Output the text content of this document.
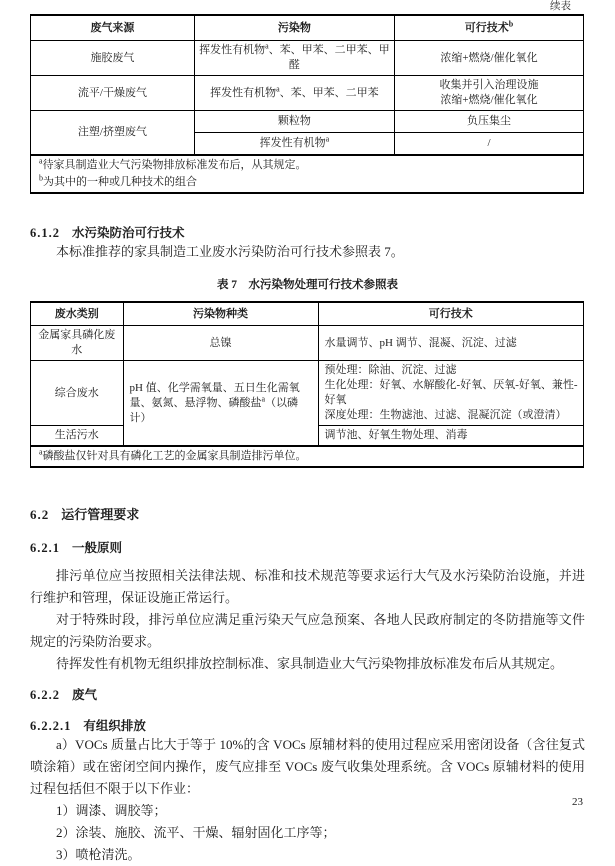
续表
废气来源	污染物	可行技术$^b$
施胶废气	挥发性有机物$^a$、苯、甲苯、二甲苯、甲醛	浓缩+燃烧/催化氧化
流平/干燥废气	挥发性有机物$^a$、苯、甲苯、二甲苯	收集并引入治理设施
浓缩+燃烧/催化氧化

注塑/挤塑废气	颗粒物	负压集尘
	挥发性有机物$^a$	/
$^a$待家具制造业大气污染物排放标准发布后，从其规定。		
$^b$为其中的一种或几种技术的组合		
6.1.2 水污染防治可行技术

本标准推荐的家具制造工业废水污染防治可行技术参照表 7。

表 7　水污染物处理可行技术参照表
废水类别	污染物种类	可行技术
金属家具磷化废水	总镍	水量调节、pH 调节、混凝、沉淀、过滤
综合废水	pH 值、化学需氧量、五日生化需氧量、氨氮、悬浮物、磷酸盐$^a$（以磷计）	预处理：除油、沉淀、过滤
生化处理：好氧、水解酸化-好氧、厌氧-好氧、兼性-好氧
深度处理：生物滤池、过滤、混凝沉淀（或澄清）

生活污水		调节池、好氧生物处理、消毒
$^a$磷酸盐仅针对具有磷化工艺的金属家具制造排污单位。		
6.2 运行管理要求
6.2.1 一般原则

排污单位应当按照相关法律法规、标准和技术规范等要求运行大气及水污染防治设施，并进行维护和管理，保证设施正常运行。

对于特殊时段，排污单位应满足重污染天气应急预案、各地人民政府制定的冬防措施等文件规定的污染防治要求。

待挥发性有机物无组织排放控制标准、家具制造业大气污染物排放标准发布后从其规定。

6.2.2 废气
6.2.2.1 有组织排放

a）VOCs 质量占比大于等于 10%的含 VOCs 原辅材料的使用过程应采用密闭设备（含往复式喷涂箱）或在密闭空间内操作，废气应排至 VOCs 废气收集处理系统。含 VOCs 原辅材料的使用过程包括但不限于以下作业：

1）调漆、调胶等；

2）涂装、施胶、流平、干燥、辐射固化工序等；

3）喷枪清洗。

23
